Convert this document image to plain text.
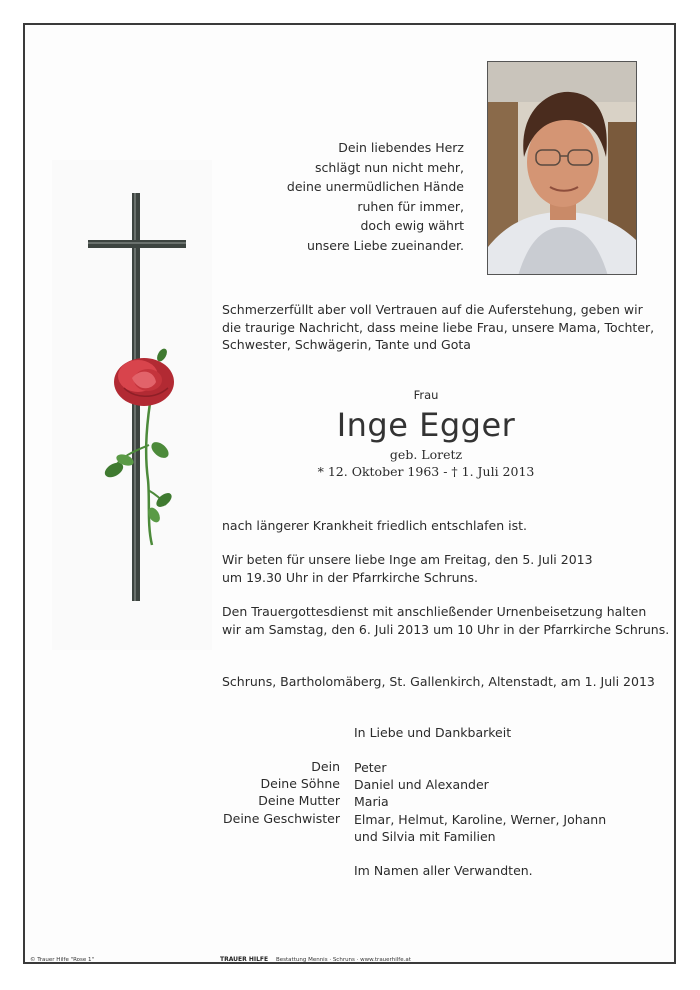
Dein liebendes Herz
schlägt nun nicht mehr,
deine unermüdlichen Hände
ruhen für immer,
doch ewig währt
unsere Liebe zueinander.
Schmerzerfüllt aber voll Vertrauen auf die Auferstehung, geben wir
die traurige Nachricht, dass meine liebe Frau, unsere Mama, Tochter,
Schwester, Schwägerin, Tante und Gota
Frau
Inge Egger
geb. Loretz
* 12. Oktober 1963 - † 1. Juli 2013
nach längerer Krankheit friedlich entschlafen ist.
Wir beten für unsere liebe Inge am Freitag, den 5. Juli 2013
um 19.30 Uhr in der Pfarrkirche Schruns.
Den Trauergottesdienst mit anschließender Urnenbeisetzung halten
wir am Samstag, den 6. Juli 2013 um 10 Uhr in der Pfarrkirche Schruns.
Schruns, Bartholomäberg, St. Gallenkirch, Altenstadt, am 1. Juli 2013
In Liebe und Dankbarkeit
Dein Peter
Deine Söhne Daniel und Alexander
Deine Mutter Maria
Deine Geschwister Elmar, Helmut, Karoline, Werner, Johann
und Silvia mit Familien
Im Namen aller Verwandten.
© Trauer Hilfe "Rose 1"	TRAUER HILFE Bestattung Mennis · Schruns · www.trauerhilfe.at
